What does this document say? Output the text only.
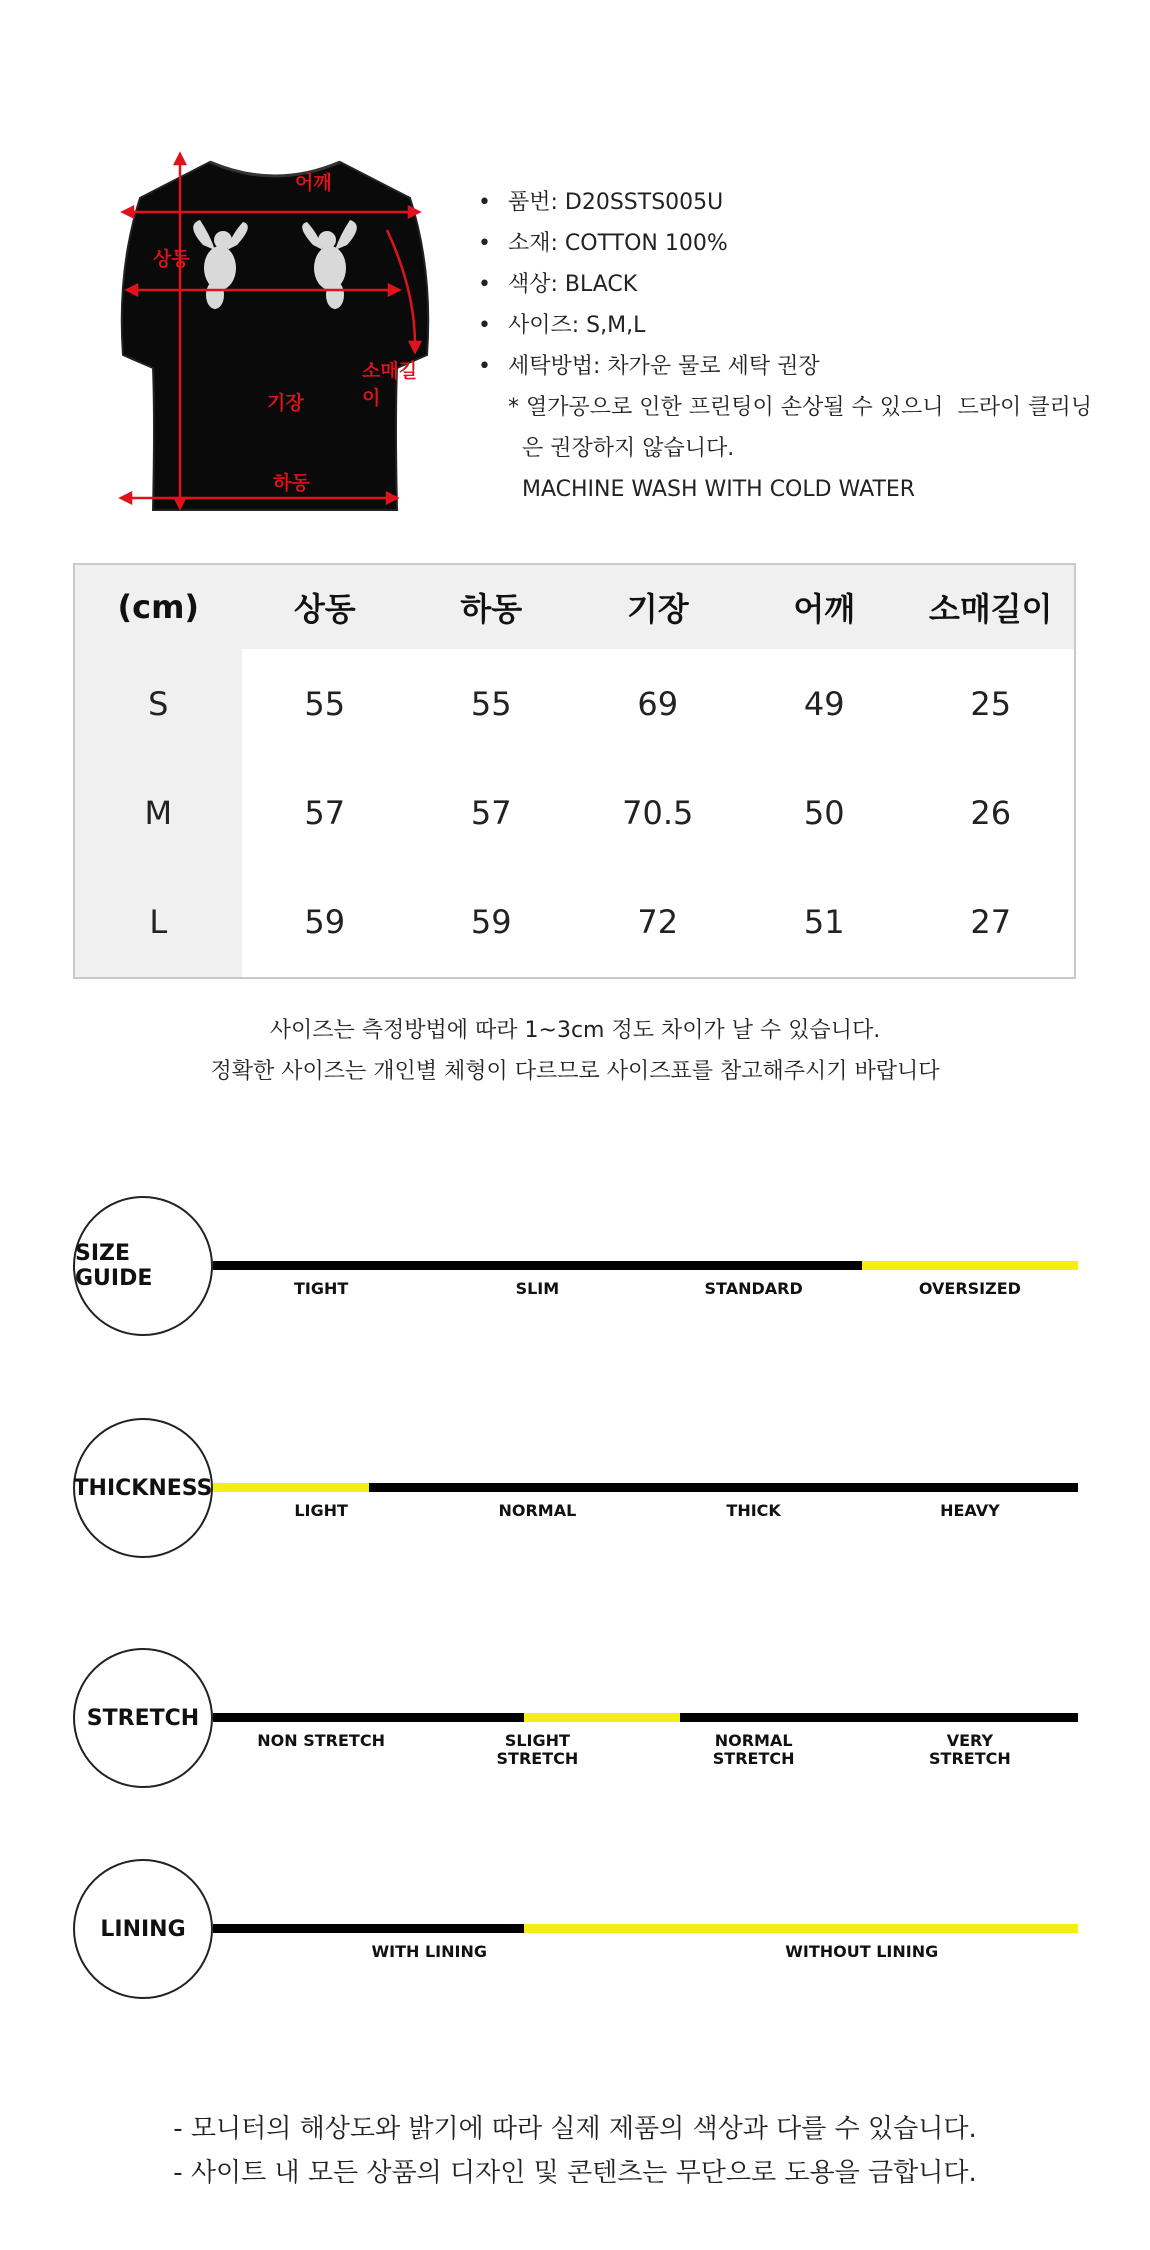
어깨
상동
소매길이
기장
하동
• 품번: D20SSTS005U
• 소재: COTTON 100%
• 색상: BLACK
• 사이즈: S,M,L
• 세탁방법: 차가운 물로 세탁 권장
* 열가공으로 인한 프린팅이 손상될 수 있으니  드라이 클리닝
은 권장하지 않습니다.
MACHINE WASH WITH COLD WATER
(cm)	상동	하동	기장	어깨	소매길이
S	55	55	69	49	25
M	57	57	70.5	50	26
L	59	59	72	51	27
사이즈는 측정방법에 따라 1~3cm 정도 차이가 날 수 있습니다.
정확한 사이즈는 개인별 체형이 다르므로 사이즈표를 참고해주시기 바랍니다
SIZE GUIDE	TIGHT	SLIM	STANDARD	OVERSIZED
THICKNESS
LIGHT	NORMAL	THICK	HEAVY
STRETCH
NON STRETCH	SLIGHT
STRETCH
NORMAL
STRETCH
VERY
STRETCH
LINING
WITH LINING	WITHOUT LINING
- 모니터의 해상도와 밝기에 따라 실제 제품의 색상과 다를 수 있습니다.
- 사이트 내 모든 상품의 디자인 및 콘텐츠는 무단으로 도용을 금합니다.
